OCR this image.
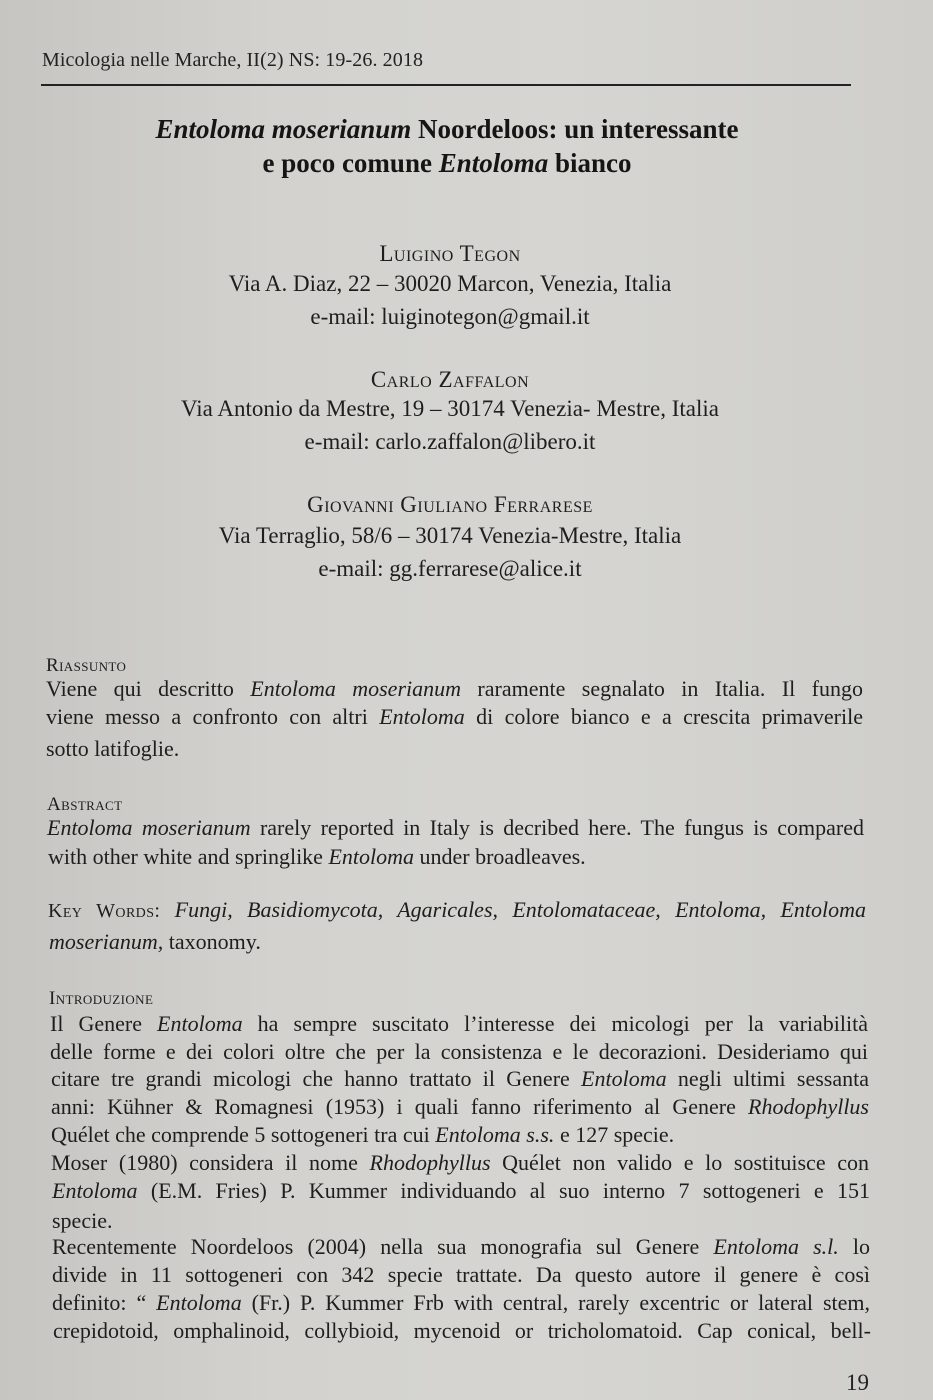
Micologia nelle Marche, II(2) NS: 19-26. 2018
Entoloma moserianum Noordeloos: un interessante
e poco comune Entoloma bianco
Luigino Tegon
Via A. Diaz, 22 – 30020 Marcon, Venezia, Italia
e-mail: luiginotegon@gmail.it
Carlo Zaffalon
Via Antonio da Mestre, 19 – 30174 Venezia- Mestre, Italia
e-mail: carlo.zaffalon@libero.it
Giovanni Giuliano Ferrarese
Via Terraglio, 58/6 – 30174 Venezia-Mestre, Italia
e-mail: gg.ferrarese@alice.it
Riassunto
Viene qui descritto Entoloma moserianum raramente segnalato in Italia. Il fungo
viene messo a confronto con altri Entoloma di colore bianco e a crescita primaverile
sotto latifoglie.
Abstract
Entoloma moserianum rarely reported in Italy is decribed here. The fungus is compared
with other white and springlike Entoloma under broadleaves.
Key Words: Fungi, Basidiomycota, Agaricales, Entolomataceae, Entoloma, Entoloma
moserianum, taxonomy.
Introduzione
Il Genere Entoloma ha sempre suscitato l’interesse dei micologi per la variabilità
delle forme e dei colori oltre che per la consistenza e le decorazioni. Desideriamo qui
citare tre grandi micologi che hanno trattato il Genere Entoloma negli ultimi sessanta
anni: Kühner & Romagnesi (1953) i quali fanno riferimento al Genere Rhodophyllus
Quélet che comprende 5 sottogeneri tra cui Entoloma s.s. e 127 specie.
Moser (1980) considera il nome Rhodophyllus Quélet non valido e lo sostituisce con
Entoloma (E.M. Fries) P. Kummer individuando al suo interno 7 sottogeneri e 151
specie.
Recentemente Noordeloos (2004) nella sua monografia sul Genere Entoloma s.l. lo
divide in 11 sottogeneri con 342 specie trattate. Da questo autore il genere è così
definito: “ Entoloma (Fr.) P. Kummer Frb with central, rarely excentric or lateral stem,
crepidotoid, omphalinoid, collybioid, mycenoid or tricholomatoid. Cap conical, bell-
19
